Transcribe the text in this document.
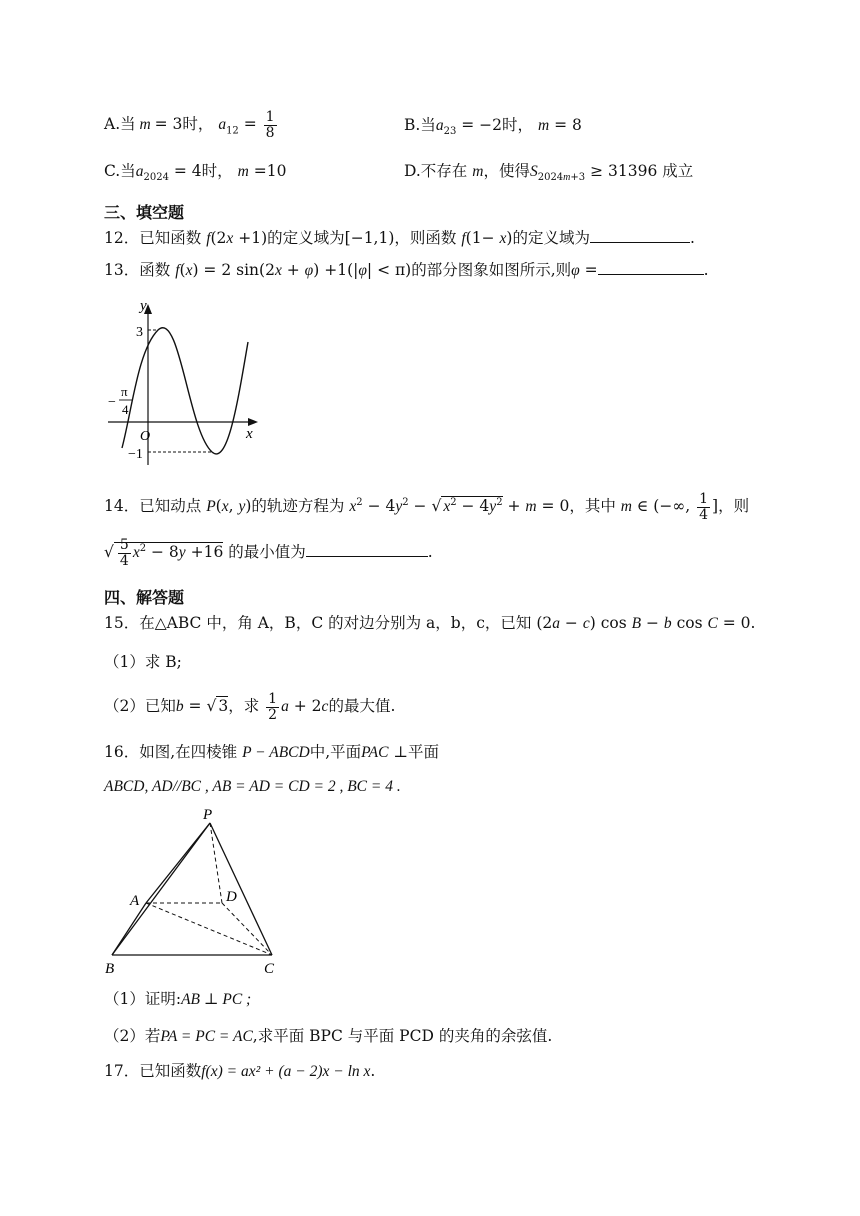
A.当 m = 3时， $a_{12} = \frac{1}{8}$	B.当$a_{23} = -2$时， m = 8
C.当$a_{2024} = 4$时， m =10	D.不存在 m，使得$S_{2024m+3} \ge 31396$ 成立
三、填空题
12．已知函数 f(2x +1)的定义域为[−1,1)，则函数 f(1− x)的定义域为	.
13．函数 f(x) = 2 sin(2x + φ) +1(|φ| < π)的部分图象如图所示,则φ =	.
y
x
O
3
−1
−
π
4
14．已知动点 P(x, y)的轨迹方程为 $x^2 - 4y^2$ − √ $x^2 - 4y^2 + m = 0$，其中 m ∈ (−∞, $\frac{1}{4}$ ]，则
√ $\frac{5}{4} x^2 - 8y +16$ 的最小值为	.
四、解答题
15．在△ABC 中，角 A，B，C 的对边分别为 a，b，c，已知 (2a − c) cos B − b cos C = 0.
（1）求 B;
（2）已知b = √ 3，求 $\frac{1}{2}$ a + 2c的最大值.
16．如图,在四棱锥 P − ABCD中,平面PAC ⊥平面
ABCD, AD//BC , AB = AD = CD = 2 , BC = 4 .
P
A	D
B	C
（1）证明:AB ⊥ PC ;
（2）若PA = PC = AC,求平面 BPC 与平面 PCD 的夹角的余弦值.
17．已知函数f(x) = ax² + (a − 2)x − ln x.
